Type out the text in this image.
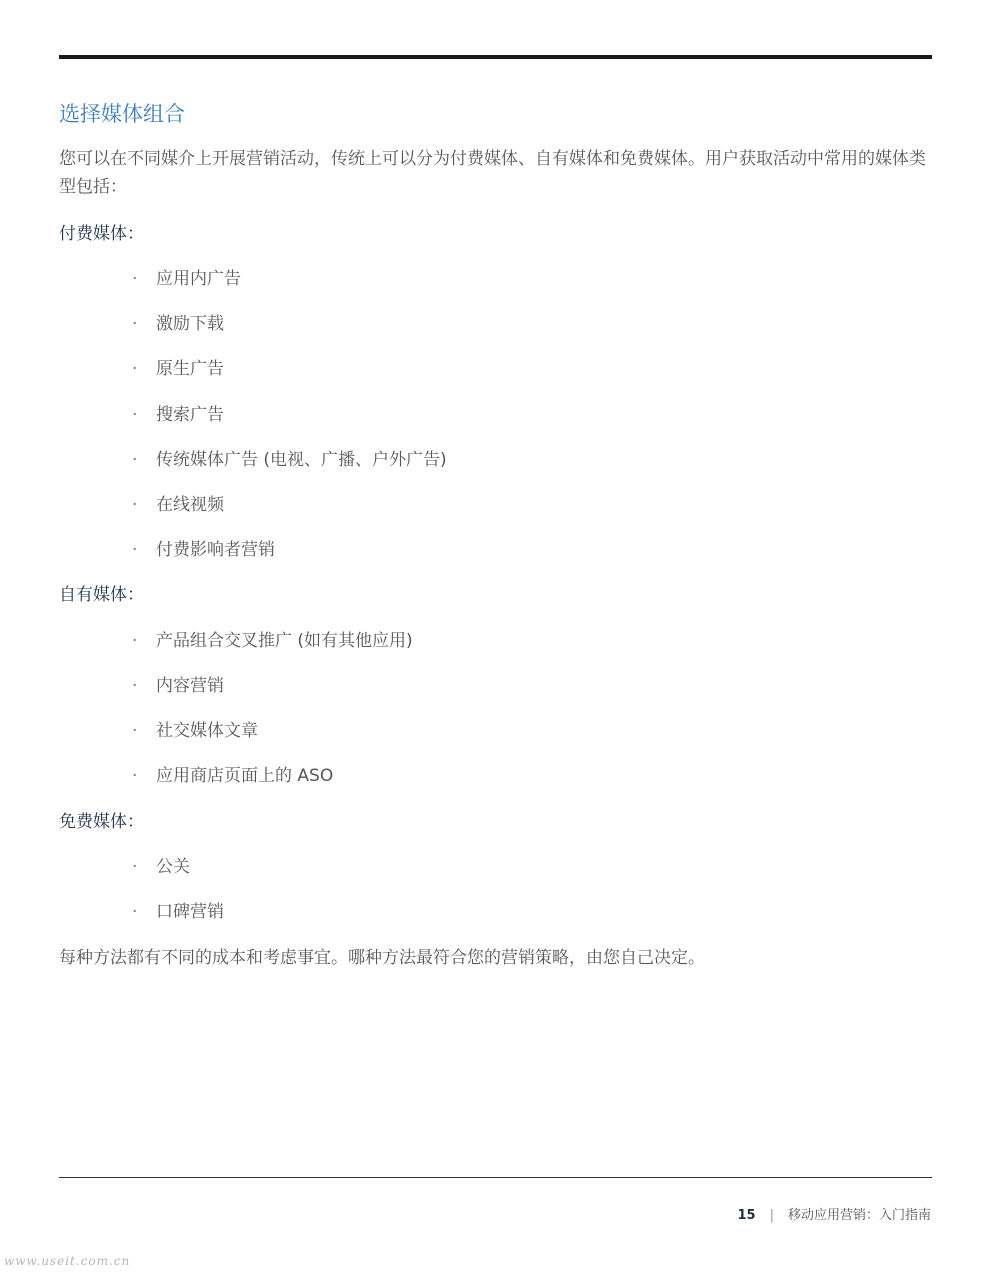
选择媒体组合
您可以在不同媒介上开展营销活动，传统上可以分为付费媒体、自有媒体和免费媒体。用户获取活动中常用的媒体类型包括：
付费媒体：
· 应用内广告
· 激励下载
· 原生广告
· 搜索广告
· 传统媒体广告 (电视、广播、户外广告)
· 在线视频
· 付费影响者营销
自有媒体：
· 产品组合交叉推广 (如有其他应用)
· 内容营销
· 社交媒体文章
· 应用商店页面上的 ASO
免费媒体：
· 公关
· 口碑营销
每种方法都有不同的成本和考虑事宜。哪种方法最符合您的营销策略，由您自己决定。
15 | 移动应用营销：入门指南
www.useit.com.cn
